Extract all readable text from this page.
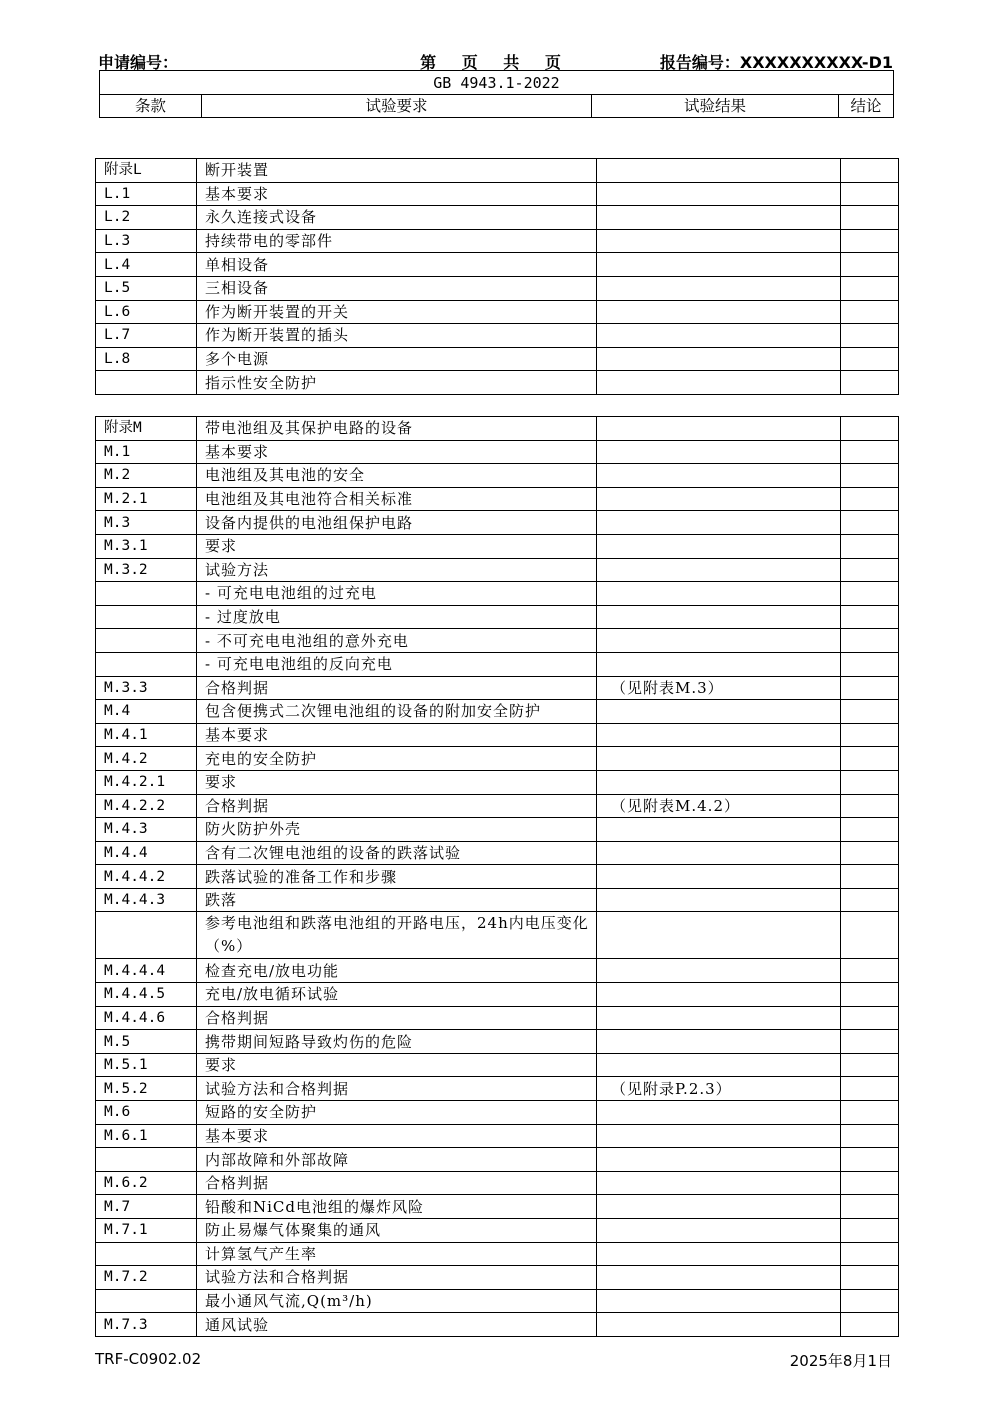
申请编号：	第 页 共 页	报告编号：XXXXXXXXXX-D1
GB 4943.1-2022
条款	试验要求	试验结果	结论
附录L	断开装置		
L.1	基本要求		
L.2	永久连接式设备		
L.3	持续带电的零部件		
L.4	单相设备		
L.5	三相设备		
L.6	作为断开装置的开关		
L.7	作为断开装置的插头		
L.8	多个电源		
	指示性安全防护		
附录M	带电池组及其保护电路的设备		
M.1	基本要求		
M.2	电池组及其电池的安全		
M.2.1	电池组及其电池符合相关标准		
M.3	设备内提供的电池组保护电路		
M.3.1	要求		
M.3.2	试验方法		
	- 可充电电池组的过充电		
	- 过度放电		
	- 不可充电电池组的意外充电		
	- 可充电电池组的反向充电		
M.3.3	合格判据	（见附表M.3）	
M.4	包含便携式二次锂电池组的设备的附加安全防护		
M.4.1	基本要求		
M.4.2	充电的安全防护		
M.4.2.1	要求		
M.4.2.2	合格判据	（见附表M.4.2）	
M.4.3	防火防护外壳		
M.4.4	含有二次锂电池组的设备的跌落试验		
M.4.4.2	跌落试验的准备工作和步骤		
M.4.4.3	跌落		
	参考电池组和跌落电池组的开路电压，24h内电压变化（%）		
M.4.4.4	检查充电/放电功能		
M.4.4.5	充电/放电循环试验		
M.4.4.6	合格判据		
M.5	携带期间短路导致灼伤的危险		
M.5.1	要求		
M.5.2	试验方法和合格判据	（见附录P.2.3）	
M.6	短路的安全防护		
M.6.1	基本要求		
	内部故障和外部故障		
M.6.2	合格判据		
M.7	铅酸和NiCd电池组的爆炸风险		
M.7.1	防止易爆气体聚集的通风		
	计算氢气产生率		
M.7.2	试验方法和合格判据		
	最小通风气流,Q(m³/h)		
M.7.3	通风试验		
TRF-C0902.02	2025年8月1日
